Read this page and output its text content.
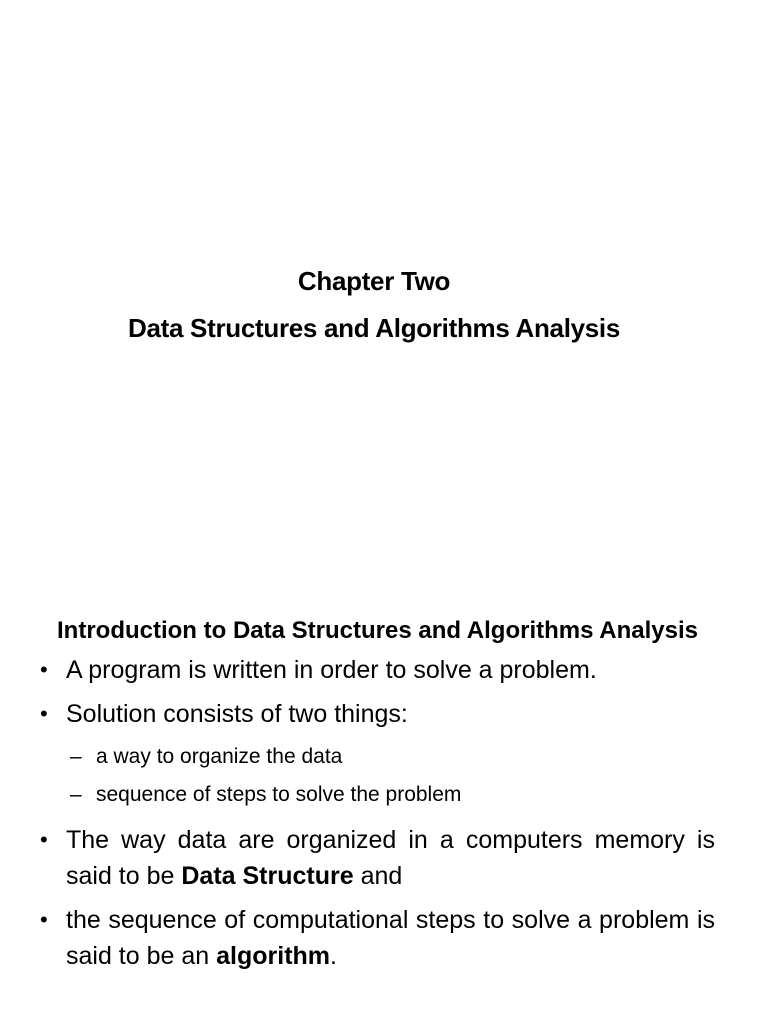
Chapter Two
Data Structures and Algorithms Analysis
Introduction to Data Structures and Algorithms Analysis
• A program is written in order to solve a problem.
• Solution consists of two things:
– a way to organize the data
– sequence of steps to solve the problem
• The way data are organized in a computers memory is said to be Data Structure and
• the sequence of computational steps to solve a problem is said to be an algorithm.
